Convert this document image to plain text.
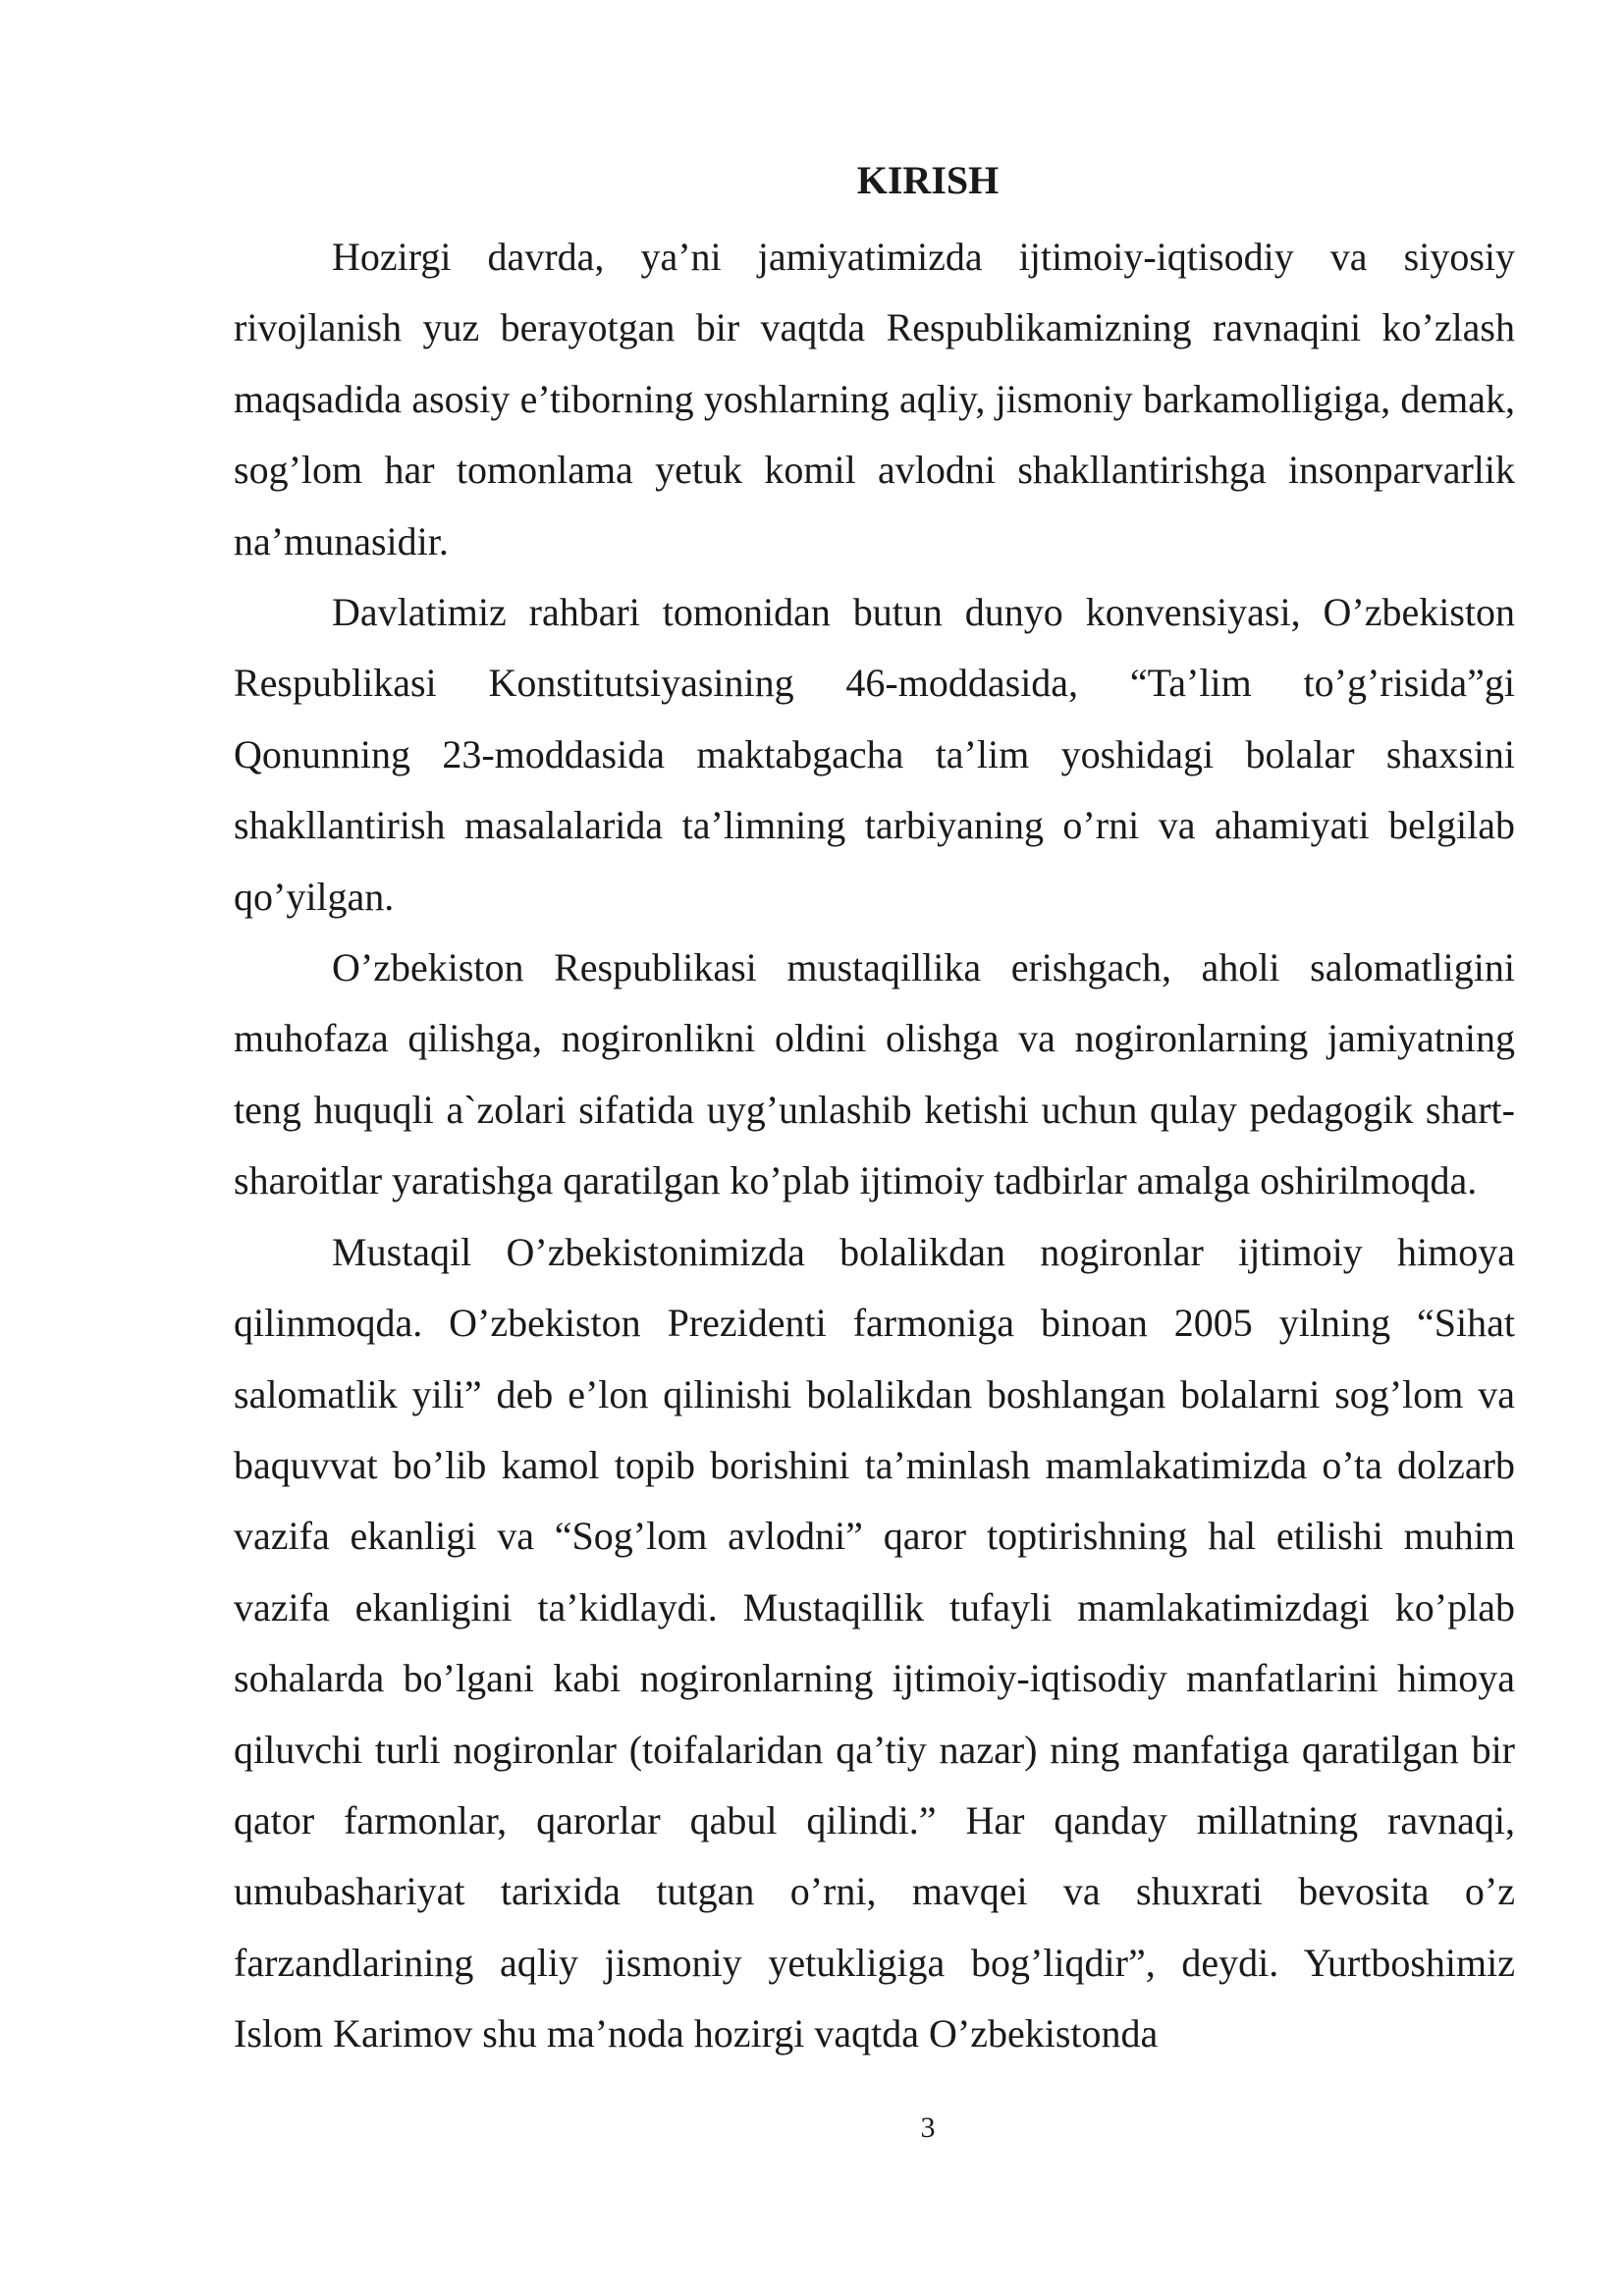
KIRISH

Hozirgi davrda, ya’ni jamiyatimizda ijtimoiy-iqtisodiy va siyosiy rivojlanish yuz berayotgan bir vaqtda Respublikamizning ravnaqini ko’zlash maqsadida asosiy e’tiborning yoshlarning aqliy, jismoniy barkamolligiga, demak, sog’lom har tomonlama yetuk komil avlodni shakllantirishga insonparvarlik na’munasidir.

Davlatimiz rahbari tomonidan butun dunyo konvensiyasi, O’zbekiston Respublikasi Konstitutsiyasining 46-moddasida, “Ta’lim to’g’risida”gi Qonunning 23-moddasida maktabgacha ta’lim yoshidagi bolalar shaxsini shakllantirish masalalarida ta’limning tarbiyaning o’rni va ahamiyati belgilab qo’yilgan.

O’zbekiston Respublikasi mustaqillika erishgach, aholi salomatligini muhofaza qilishga, nogironlikni oldini olishga va nogironlarning jamiyatning teng huquqli a`zolari sifatida uyg’unlashib ketishi uchun qulay pedagogik shart-sharoitlar yaratishga qaratilgan ko’plab ijtimoiy tadbirlar amalga oshirilmoqda.

Mustaqil O’zbekistonimizda bolalikdan nogironlar ijtimoiy himoya qilinmoqda. O’zbekiston Prezidenti farmoniga binoan 2005 yilning “Sihat salomatlik yili” deb e’lon qilinishi bolalikdan boshlangan bolalarni sog’lom va baquvvat bo’lib kamol topib borishini ta’minlash mamlakatimizda o’ta dolzarb vazifa ekanligi va “Sog’lom avlodni” qaror toptirishning hal etilishi muhim vazifa ekanligini ta’kidlaydi. Mustaqillik tufayli mamlakatimizdagi ko’plab sohalarda bo’lgani kabi nogironlarning ijtimoiy-iqtisodiy manfatlarini himoya qiluvchi turli nogironlar (toifalaridan qa’tiy nazar) ning manfatiga qaratilgan bir qator farmonlar, qarorlar qabul qilindi.” Har qanday millatning ravnaqi, umubashariyat tarixida tutgan o’rni, mavqei va shuxrati bevosita o’z farzandlarining aqliy jismoniy yetukligiga bog’liqdir”, deydi. Yurtboshimiz Islom Karimov shu ma’noda hozirgi vaqtda O’zbekistonda

3
